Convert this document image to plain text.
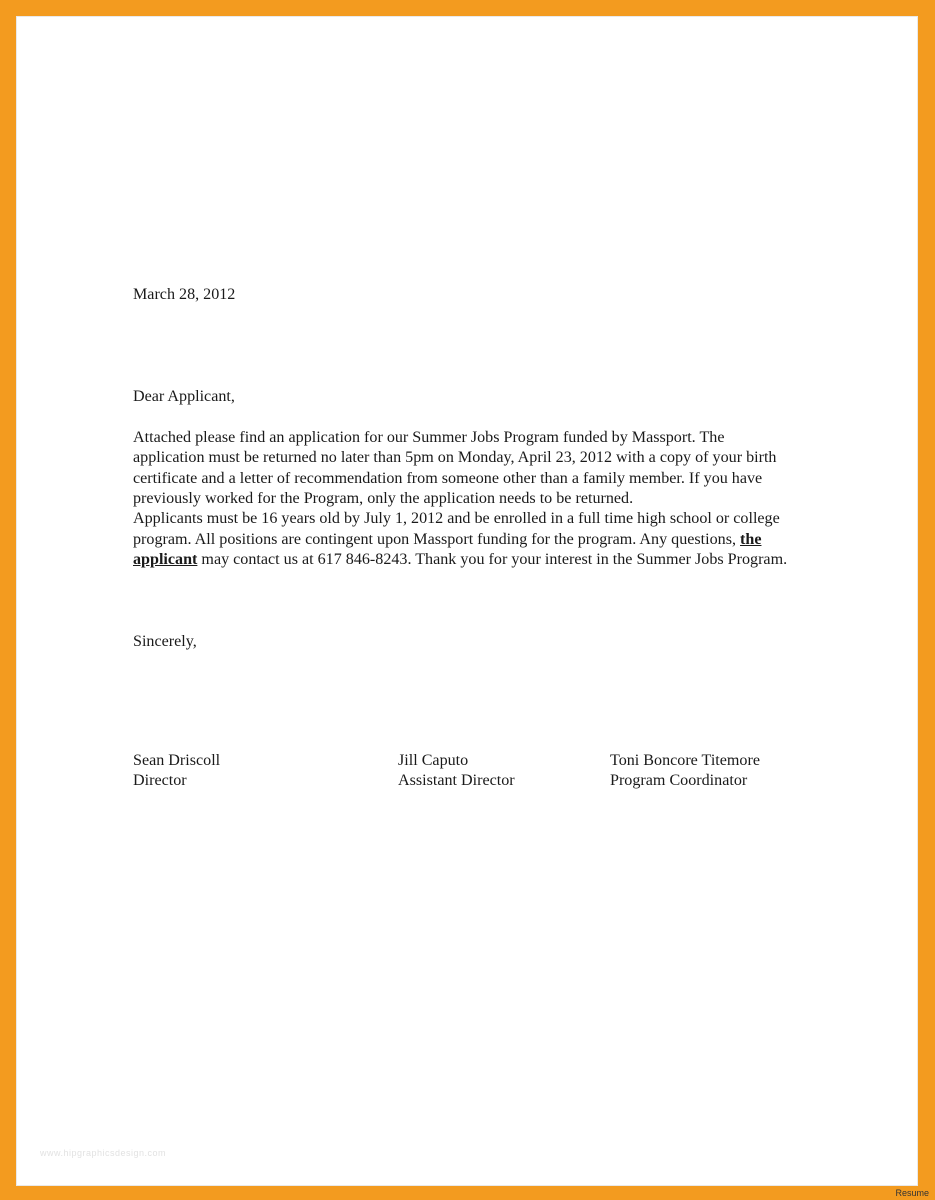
March 28, 2012

Dear Applicant,

Attached please find an application for our Summer Jobs Program funded by Massport. The application must be returned no later than 5pm on Monday, April 23, 2012 with a copy of your birth certificate and a letter of recommendation from someone other than a family member. If you have previously worked for the Program, only the application needs to be returned.

Applicants must be 16 years old by July 1, 2012 and be enrolled in a full time high school or college program. All positions are contingent upon Massport funding for the program. Any questions, the applicant may contact us at 617 846-8243. Thank you for your interest in the Summer Jobs Program.

Sincerely,

Sean Driscoll
Director
Jill Caputo
Assistant Director
Toni Boncore Titemore
Program Coordinator
www.hipgraphicsdesign.com
Resume
